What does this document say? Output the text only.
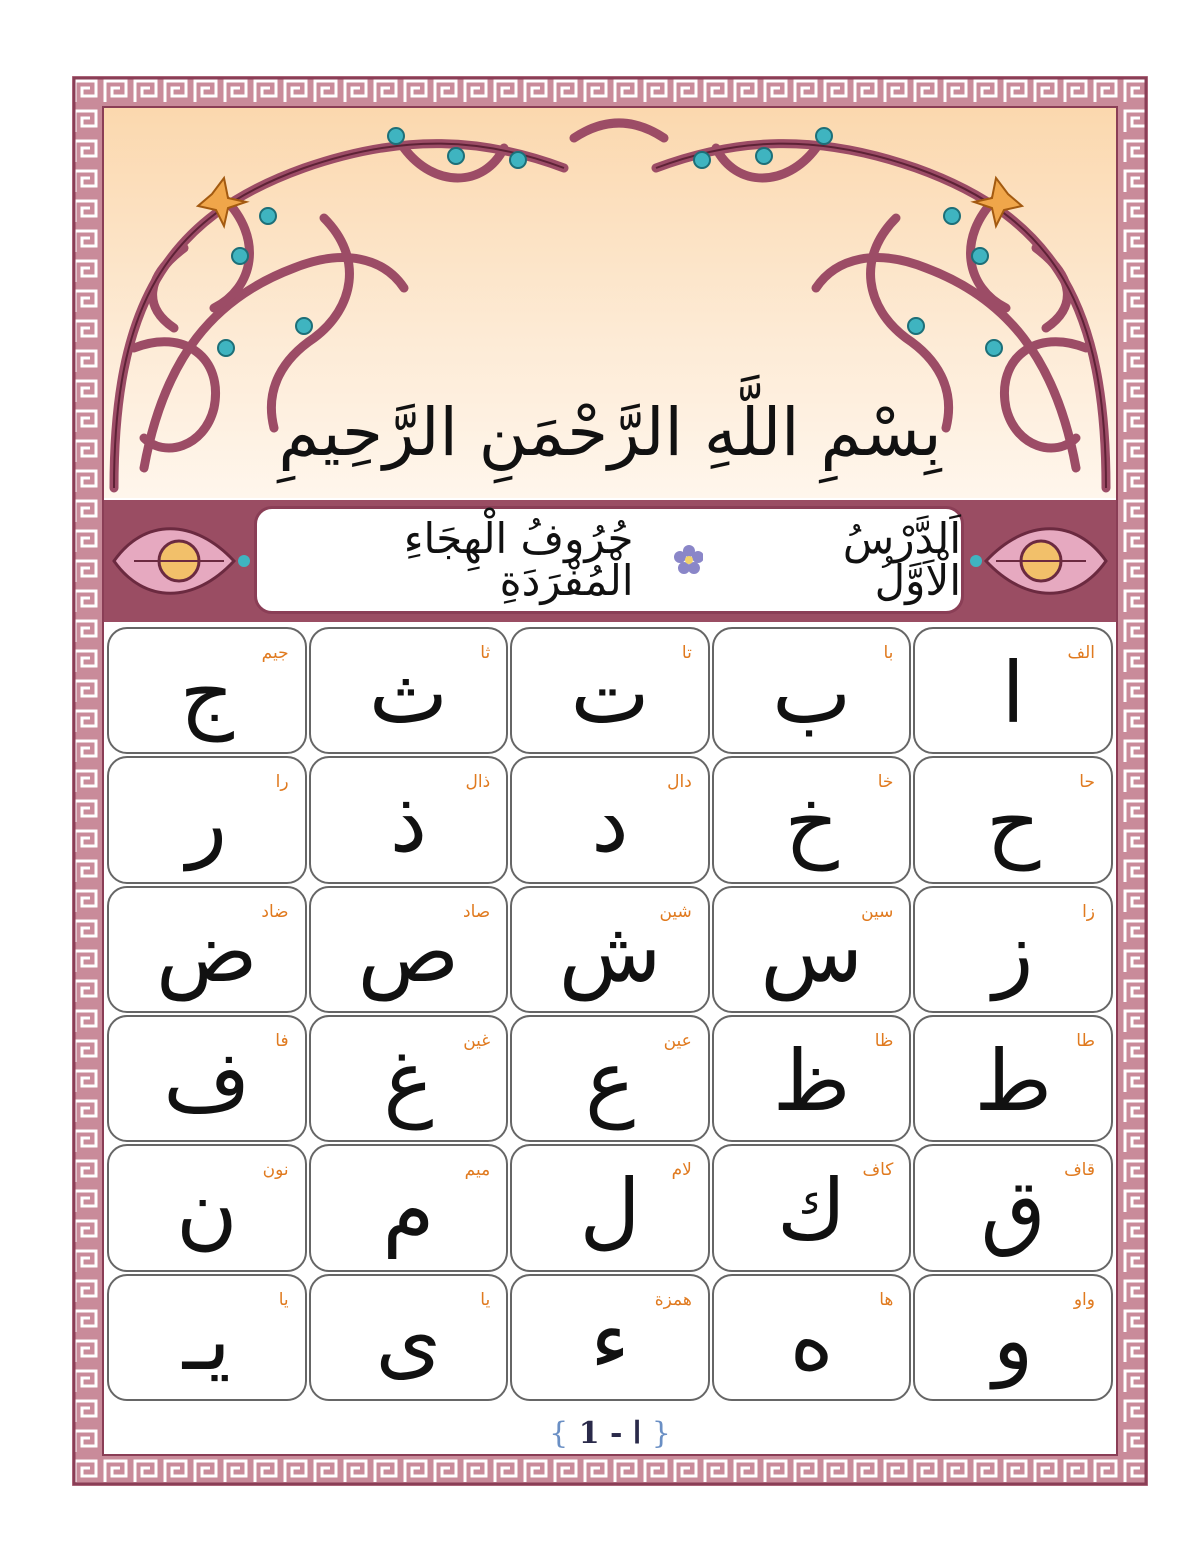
بِسْمِ اللَّهِ الرَّحْمَنِ الرَّحِيمِ
اَلدَّرْسُ الْاَوَّلُ
حُرُوفُ الْهِجَاءِ الْمُفْرَدَةِ
الف
ا
با
ب
تا
ت
ثا
ث
جيم
ج
حا
ح
خا
خ
دال
د
ذال
ذ
را
ر
زا
ز
سين
س
شين
ش
صاد
ص
ضاد
ض
طا
ط
ظا
ظ
عين
ع
غين
غ
فا
ف
قاف
ق
كاف
ك
لام
ل
ميم
م
نون
ن
واو
و
ها
ه
همزة
ء
يا
ى
يا
يـ
{ ا - 1 }
